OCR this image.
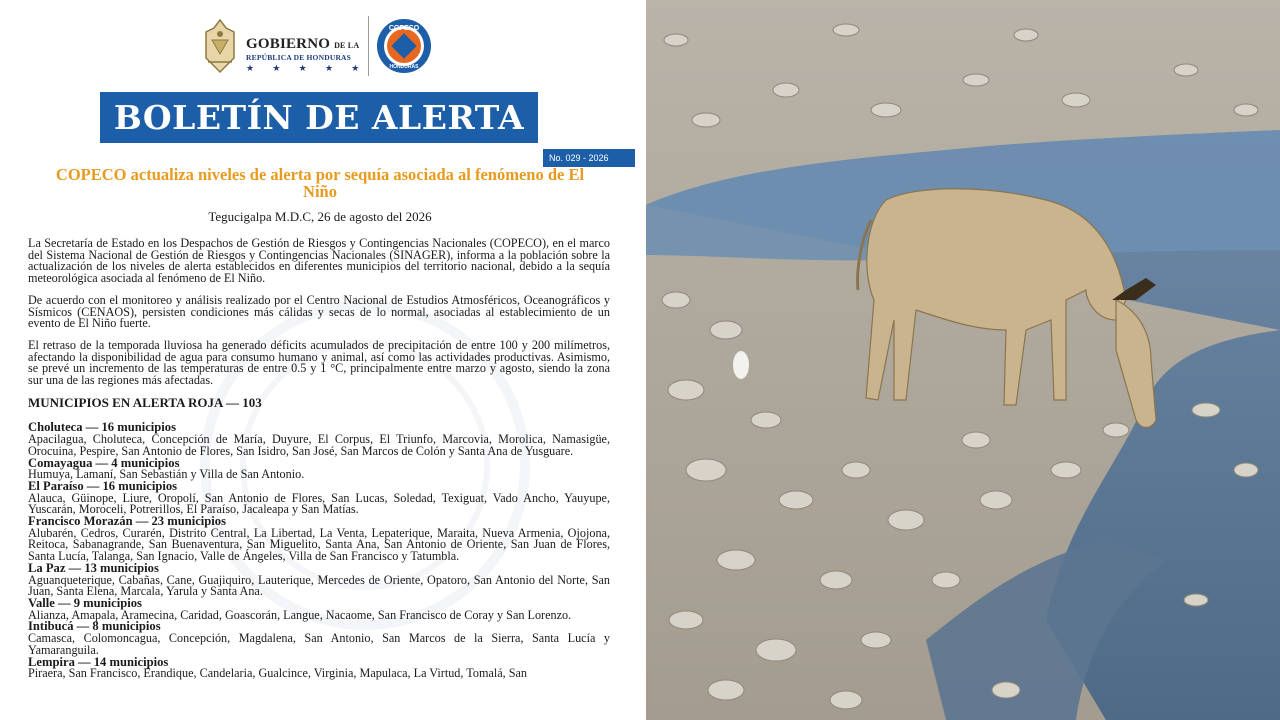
GOBIERNO DE LA
REPÚBLICA DE HONDURAS
★ ★ ★ ★ ★
COPECO
HONDURAS
BOLETÍN DE ALERTA
No. 029 - 2026
COPECO actualiza niveles de alerta por sequía asociada al fenómeno de El Niño
Tegucigalpa M.D.C, 26 de agosto del 2026

La Secretaría de Estado en los Despachos de Gestión de Riesgos y Contingencias Nacionales (COPECO), en el marco del Sistema Nacional de Gestión de Riesgos y Contingencias Nacionales (SINAGER), informa a la población sobre la actualización de los niveles de alerta establecidos en diferentes municipios del territorio nacional, debido a la sequía meteorológica asociada al fenómeno de El Niño.

De acuerdo con el monitoreo y análisis realizado por el Centro Nacional de Estudios Atmosféricos, Oceanográficos y Sísmicos (CENAOS), persisten condiciones más cálidas y secas de lo normal, asociadas al establecimiento de un evento de El Niño fuerte.

El retraso de la temporada lluviosa ha generado déficits acumulados de precipitación de entre 100 y 200 milímetros, afectando la disponibilidad de agua para consumo humano y animal, así como las actividades productivas. Asimismo, se prevé un incremento de las temperaturas de entre 0.5 y 1 °C, principalmente entre marzo y agosto, siendo la zona sur una de las regiones más afectadas.

MUNICIPIOS EN ALERTA ROJA — 103
Choluteca — 16 municipios
Apacilagua, Choluteca, Concepción de María, Duyure, El Corpus, El Triunfo, Marcovia, Morolica, Namasigüe, Orocuina, Pespire, San Antonio de Flores, San Isidro, San José, San Marcos de Colón y Santa Ana de Yusguare.
Comayagua — 4 municipios
Humuya, Lamaní, San Sebastián y Villa de San Antonio.
El Paraíso — 16 municipios
Alauca, Güinope, Liure, Oropolí, San Antonio de Flores, San Lucas, Soledad, Texiguat, Vado Ancho, Yauyupe, Yuscarán, Moroceli, Potrerillos, El Paraíso, Jacaleapa y San Matías.
Francisco Morazán — 23 municipios
Alubarén, Cedros, Curarén, Distrito Central, La Libertad, La Venta, Lepaterique, Maraita, Nueva Armenia, Ojojona, Reitoca, Sabanagrande, San Buenaventura, San Miguelito, Santa Ana, San Antonio de Oriente, San Juan de Flores, Santa Lucía, Talanga, San Ignacio, Valle de Ángeles, Villa de San Francisco y Tatumbla.
La Paz — 13 municipios
Aguanqueterique, Cabañas, Cane, Guajiquiro, Lauterique, Mercedes de Oriente, Opatoro, San Antonio del Norte, San Juan, Santa Elena, Marcala, Yarula y Santa Ana.
Valle — 9 municipios
Alianza, Amapala, Aramecina, Caridad, Goascorán, Langue, Nacaome, San Francisco de Coray y San Lorenzo.
Intibucá — 8 municipios
Camasca, Colomoncagua, Concepción, Magdalena, San Antonio, San Marcos de la Sierra, Santa Lucía y Yamaranguila.
Lempira — 14 municipios
Piraera, San Francisco, Erandique, Candelaria, Gualcince, Virginia, Mapulaca, La Virtud, Tomalá, San
